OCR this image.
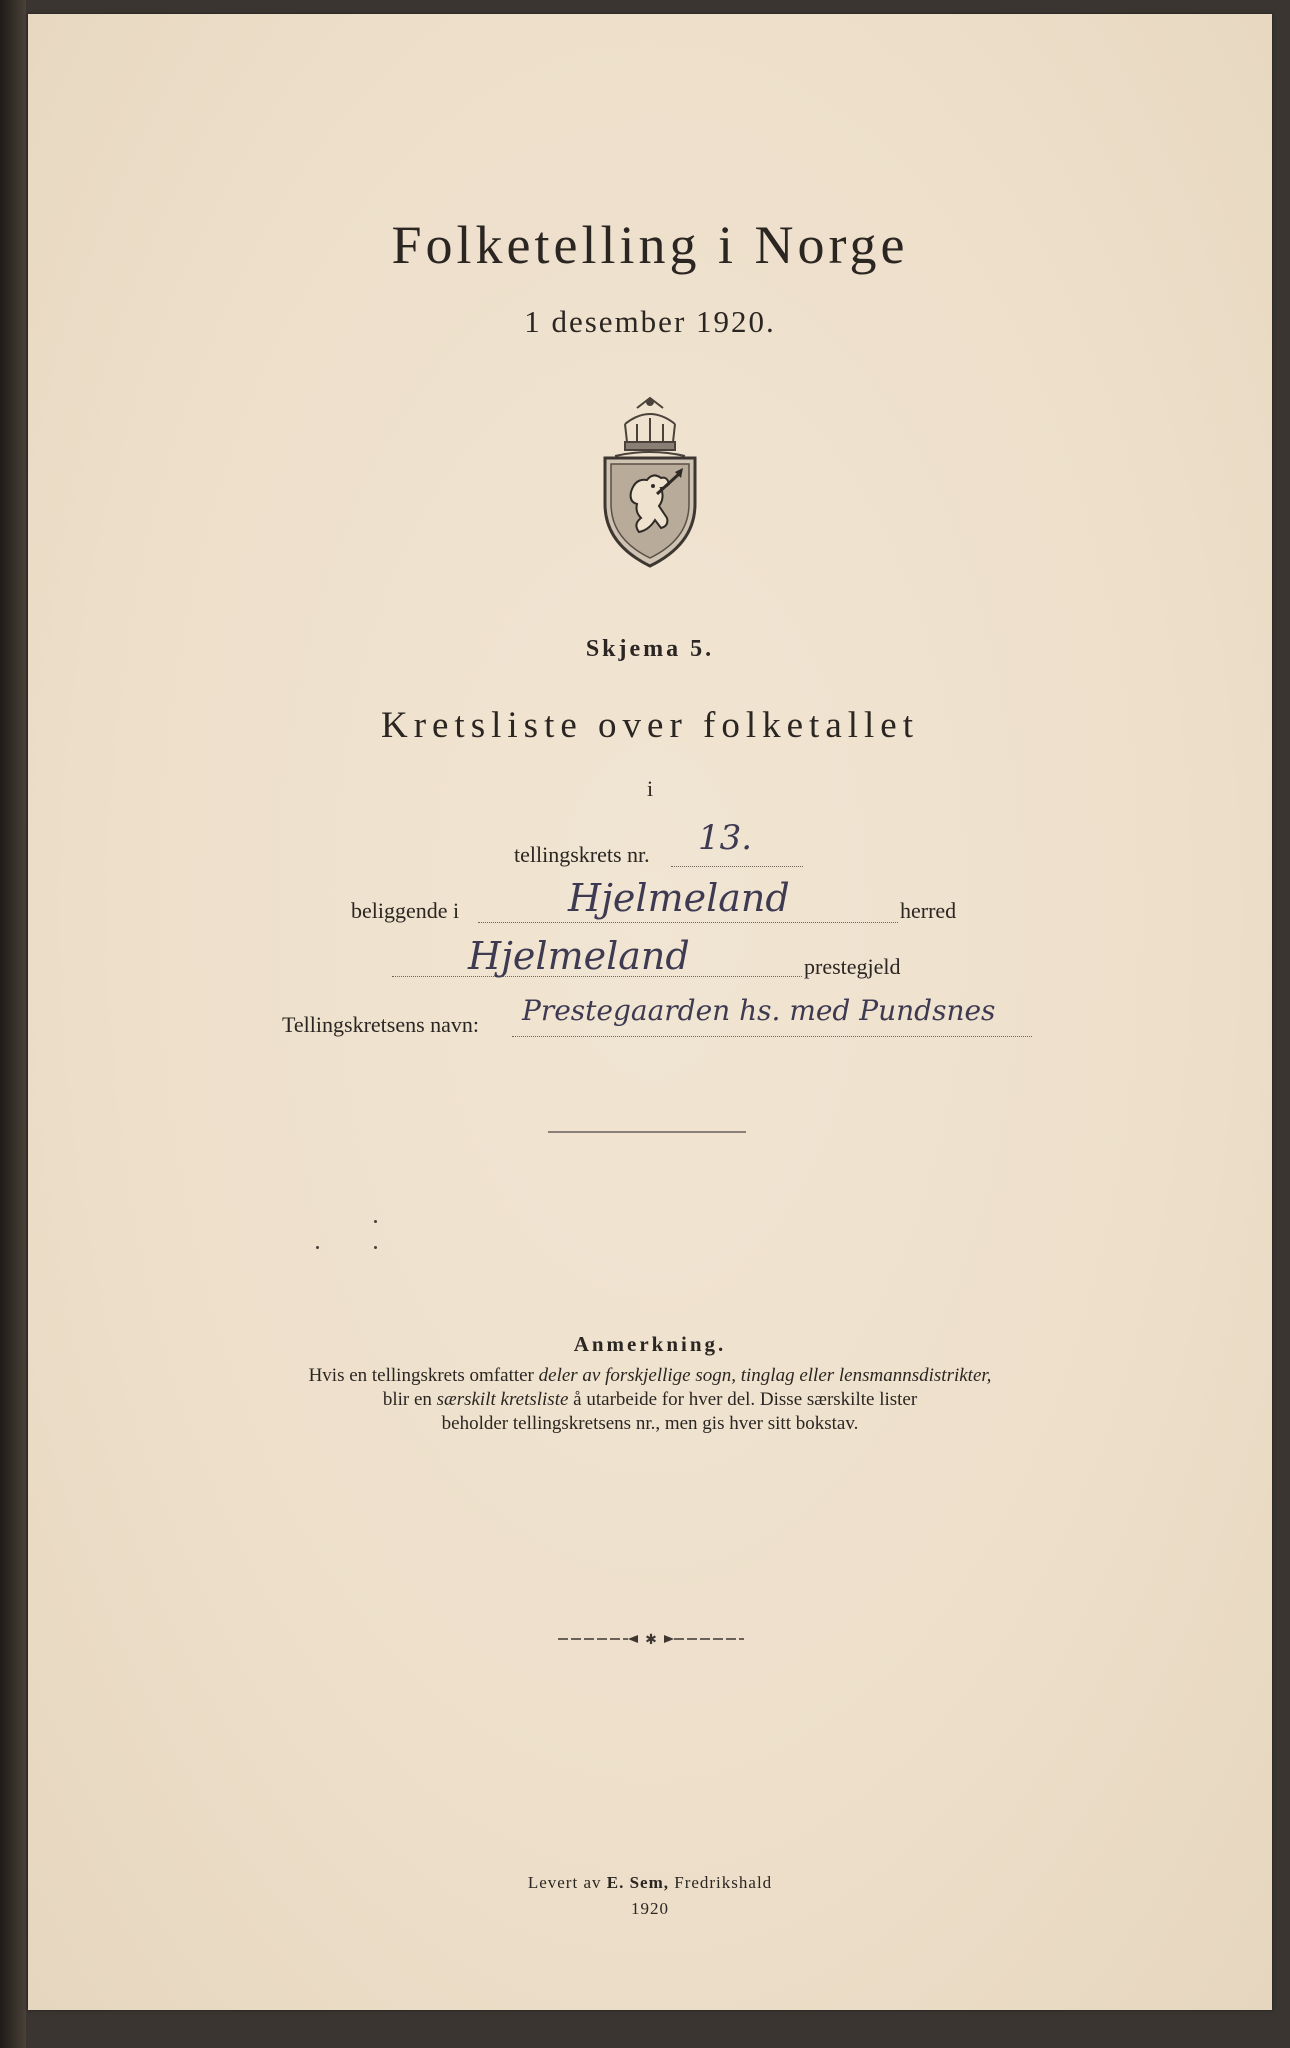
Folketelling i Norge
1 desember 1920.
Skjema 5.
Kretsliste over folketallet
i
tellingskrets nr. 13.
beliggende i	Hjelmeland	herred
Hjelmeland	prestegjeld
Tellingskretsens navn: Prestegaarden hs. med Pundsnes
Anmerkning.
Hvis en tellingskrets omfatter deler av forskjellige sogn, tinglag eller lensmannsdistrikter,
blir en særskilt kretsliste å utarbeide for hver del. Disse særskilte lister
beholder tellingskretsens nr., men gis hver sitt bokstav.
✱
Levert av E. Sem, Fredrikshald
1920
